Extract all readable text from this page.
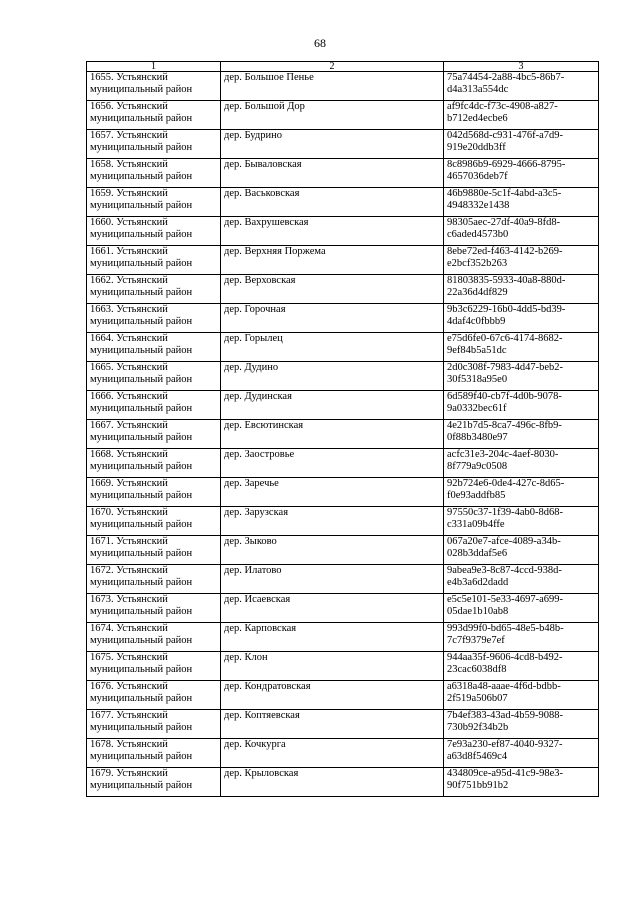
68
1	2	3
1655. Устьянский муниципальный район	дер. Большое Пенье	75a74454-2a88-4bc5-86b7-d4a313a554dc
1656. Устьянский муниципальный район	дер. Большой Дор	af9fc4dc-f73c-4908-a827-b712ed4ecbe6
1657. Устьянский муниципальный район	дер. Будрино	042d568d-c931-476f-a7d9-919e20ddb3ff
1658. Устьянский муниципальный район	дер. Бываловская	8c8986b9-6929-4666-8795-4657036deb7f
1659. Устьянский муниципальный район	дер. Васьковская	46b9880e-5c1f-4abd-a3c5-4948332e1438
1660. Устьянский муниципальный район	дер. Вахрушевская	98305aec-27df-40a9-8fd8-c6aded4573b0
1661. Устьянский муниципальный район	дер. Верхняя Поржема	8ebe72ed-f463-4142-b269-e2bcf352b263
1662. Устьянский муниципальный район	дер. Верховская	81803835-5933-40a8-880d-22a36d4df829
1663. Устьянский муниципальный район	дер. Горочная	9b3c6229-16b0-4dd5-bd39-4daf4c0fbbb9
1664. Устьянский муниципальный район	дер. Горылец	e75d6fe0-67c6-4174-8682-9ef84b5a51dc
1665. Устьянский муниципальный район	дер. Дудино	2d0c308f-7983-4d47-beb2-30f5318a95e0
1666. Устьянский муниципальный район	дер. Дудинская	6d589f40-cb7f-4d0b-9078-9a0332bec61f
1667. Устьянский муниципальный район	дер. Евсютинская	4e21b7d5-8ca7-496c-8fb9-0f88b3480e97
1668. Устьянский муниципальный район	дер. Заостровье	acfc31e3-204c-4aef-8030-8f779a9c0508
1669. Устьянский муниципальный район	дер. Заречье	92b724e6-0de4-427c-8d65-f0e93addfb85
1670. Устьянский муниципальный район	дер. Зарузская	97550c37-1f39-4ab0-8d68-c331a09b4ffe
1671. Устьянский муниципальный район	дер. Зыково	067a20e7-afce-4089-a34b-028b3ddaf5e6
1672. Устьянский муниципальный район	дер. Илатово	9abea9e3-8c87-4ccd-938d-e4b3a6d2dadd
1673. Устьянский муниципальный район	дер. Исаевская	e5c5e101-5e33-4697-a699-05dae1b10ab8
1674. Устьянский муниципальный район	дер. Карповская	993d99f0-bd65-48e5-b48b-7c7f9379e7ef
1675. Устьянский муниципальный район	дер. Клон	944aa35f-9606-4cd8-b492-23cac6038df8
1676. Устьянский муниципальный район	дер. Кондратовская	a6318a48-aaae-4f6d-bdbb-2f519a506b07
1677. Устьянский муниципальный район	дер. Коптяевская	7b4ef383-43ad-4b59-9088-730b92f34b2b
1678. Устьянский муниципальный район	дер. Кочкурга	7e93a230-ef87-4040-9327-a63d8f5469c4
1679. Устьянский муниципальный район	дер. Крыловская	434809ce-a95d-41c9-98e3-90f751bb91b2
